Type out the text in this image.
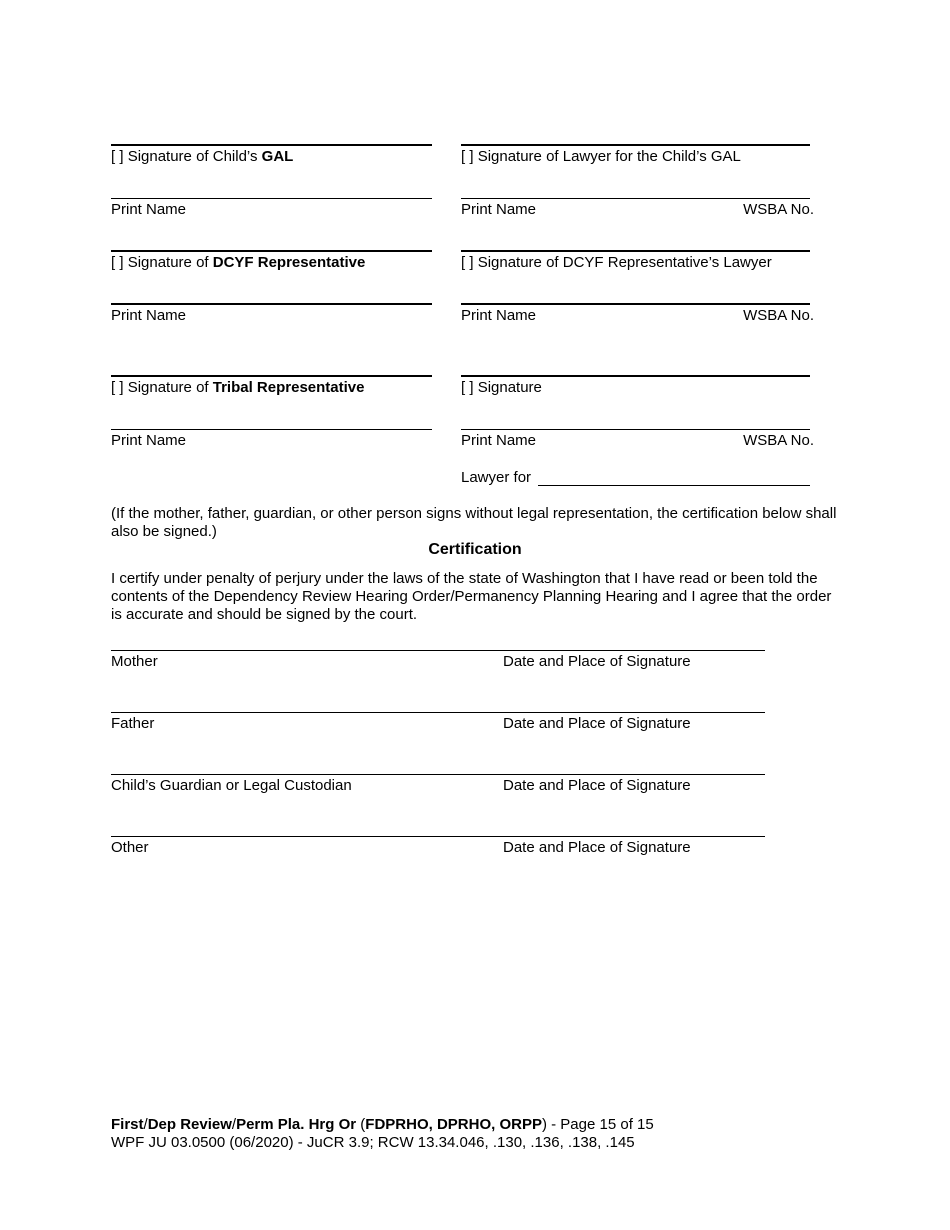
[ ] Signature of Child’s GAL
Print Name
[ ] Signature of Lawyer for the Child’s GAL
Print Name	WSBA No.
[ ] Signature of DCYF Representative
Print Name
[ ] Signature of DCYF Representative’s Lawyer
Print Name	WSBA No.
[ ] Signature of Tribal Representative
Print Name
[ ] Signature
Print Name	WSBA No.
Lawyer for
(If the mother, father, guardian, or other person signs without legal representation, the certification below shall also be signed.)
Certification
I certify under penalty of perjury under the laws of the state of Washington that I have read or been told the contents of the Dependency Review Hearing Order/Permanency Planning Hearing and I agree that the order is accurate and should be signed by the court.
Mother	Date and Place of Signature
Father	Date and Place of Signature
Child’s Guardian or Legal Custodian	Date and Place of Signature
Other	Date and Place of Signature
First/Dep Review/Perm Pla. Hrg Or (FDPRHO, DPRHO, ORPP) - Page 15 of 15
WPF JU 03.0500 (06/2020) - JuCR 3.9; RCW 13.34.046, .130, .136, .138, .145
